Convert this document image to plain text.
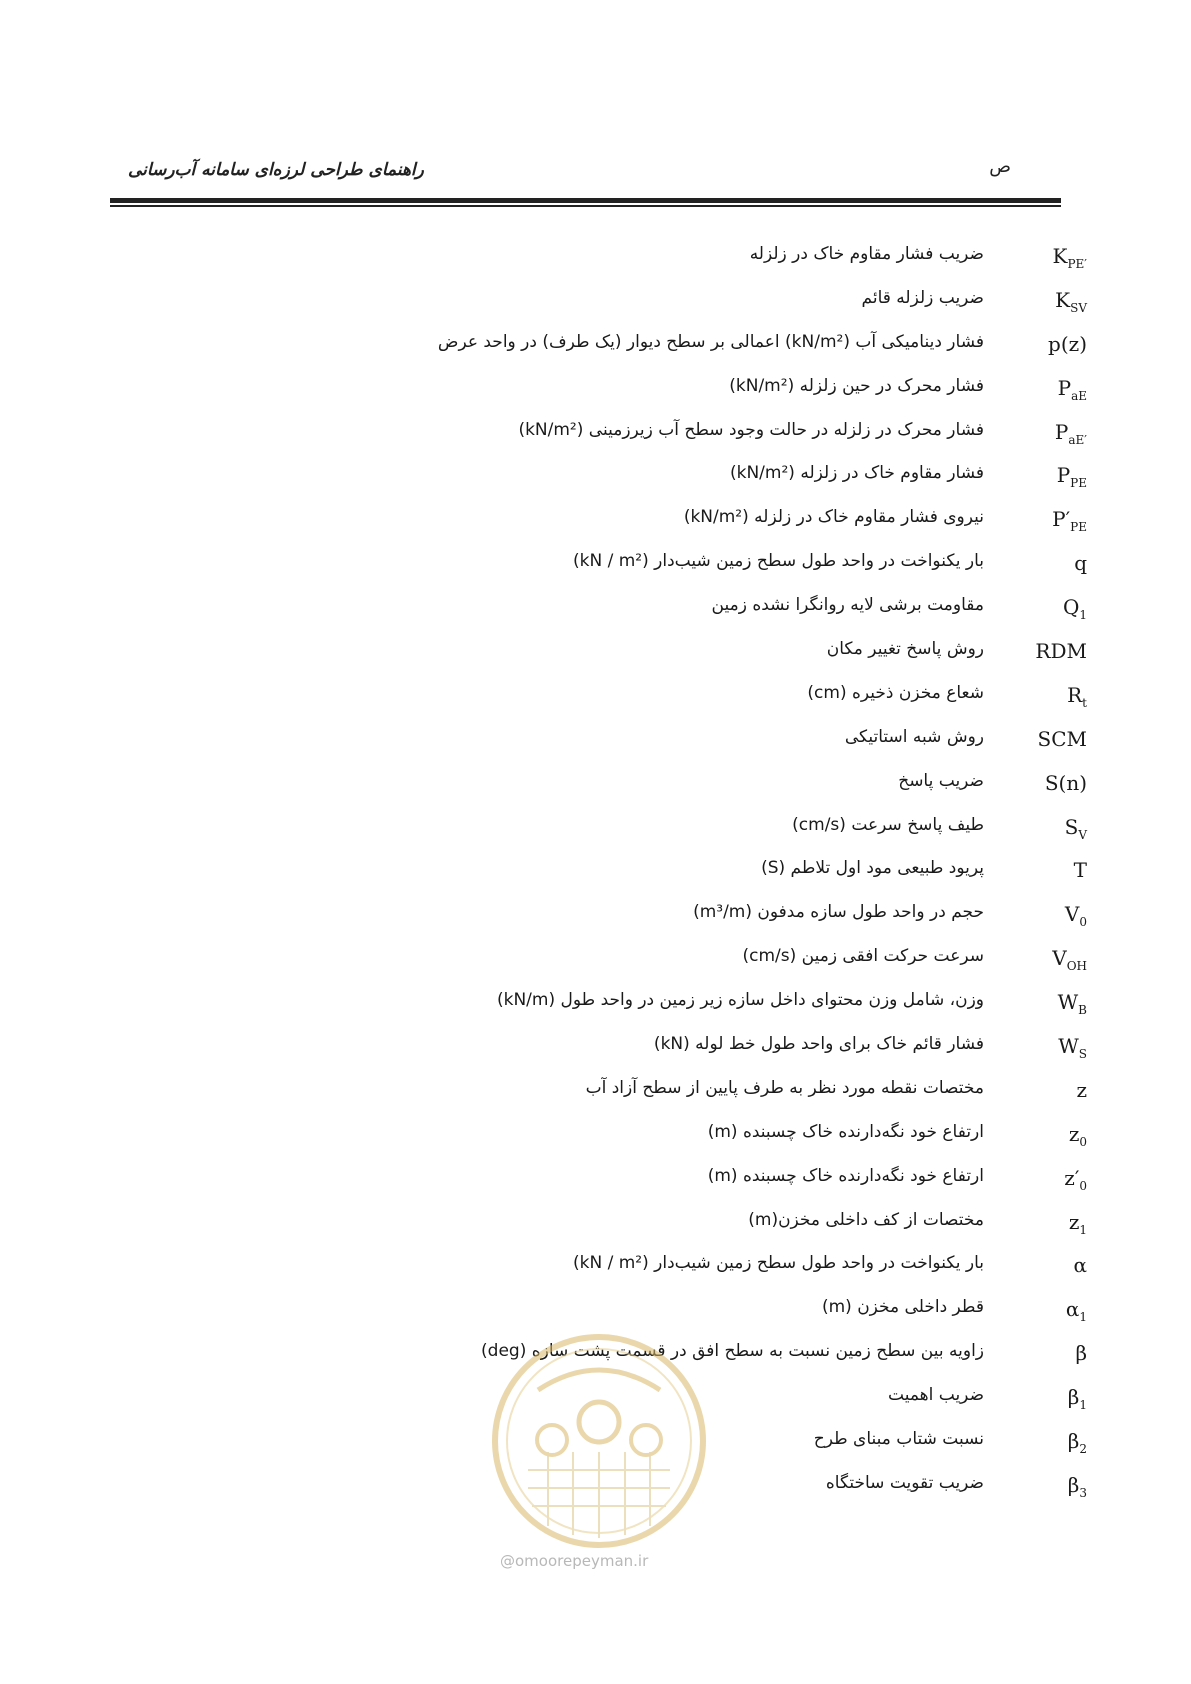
راهنمای طراحی لرزه‌ای سامانه آب‌رسانی	ص
$K_{PE'}$
ضریب فشار مقاوم خاک در زلزله
$K_{SV}$
ضریب زلزله قائم
p(z)
فشار دینامیکی آب (kN/m²) اعمالی بر سطح دیوار (یک طرف) در واحد عرض
$P_{aE}$
فشار محرک در حین زلزله (kN/m²)
$P_{aE'}$
فشار محرک در زلزله در حالت وجود سطح آب زیرزمینی (kN/m²)
$P_{PE}$
فشار مقاوم خاک در زلزله (kN/m²)
$P'_{PE}$
نیروی فشار مقاوم خاک در زلزله (kN/m²)
q
بار یکنواخت در واحد طول سطح زمین شیب‌دار (kN / m²)
$Q_1$
مقاومت برشی لایه روانگرا نشده زمین
RDM
روش پاسخ تغییر مکان
$R_t$
شعاع مخزن ذخیره (cm)
SCM
روش شبه استاتیکی
S(n)
ضریب پاسخ
$S_V$
طیف پاسخ سرعت (cm/s)
T
پریود طبیعی مود اول تلاطم (S)
$V_0$
حجم در واحد طول سازه مدفون (m³/m)
$V_{OH}$
سرعت حرکت افقی زمین (cm/s)
$W_B$
وزن، شامل وزن محتوای داخل سازه زیر زمین در واحد طول (kN/m)
$W_S$
فشار قائم خاک برای واحد طول خط لوله (kN)
z
مختصات نقطه مورد نظر به طرف پایین از سطح آزاد آب
$z_0$
ارتفاع خود نگه‌دارنده خاک چسبنده (m)
$z'_0$
ارتفاع خود نگه‌دارنده خاک چسبنده (m)
$z_1$
مختصات از کف داخلی مخزن(m)
α
بار یکنواخت در واحد طول سطح زمین شیب‌دار (kN / m²)
$\alpha_1$
قطر داخلی مخزن (m)
β
زاویه بین سطح زمین نسبت به سطح افق در قسمت پشت سازه (deg)
$\beta_1$
ضریب اهمیت
$\beta_2$
نسبت شتاب مبنای طرح
$\beta_3$
ضریب تقویت ساختگاه
@omoorepeyman.ir
